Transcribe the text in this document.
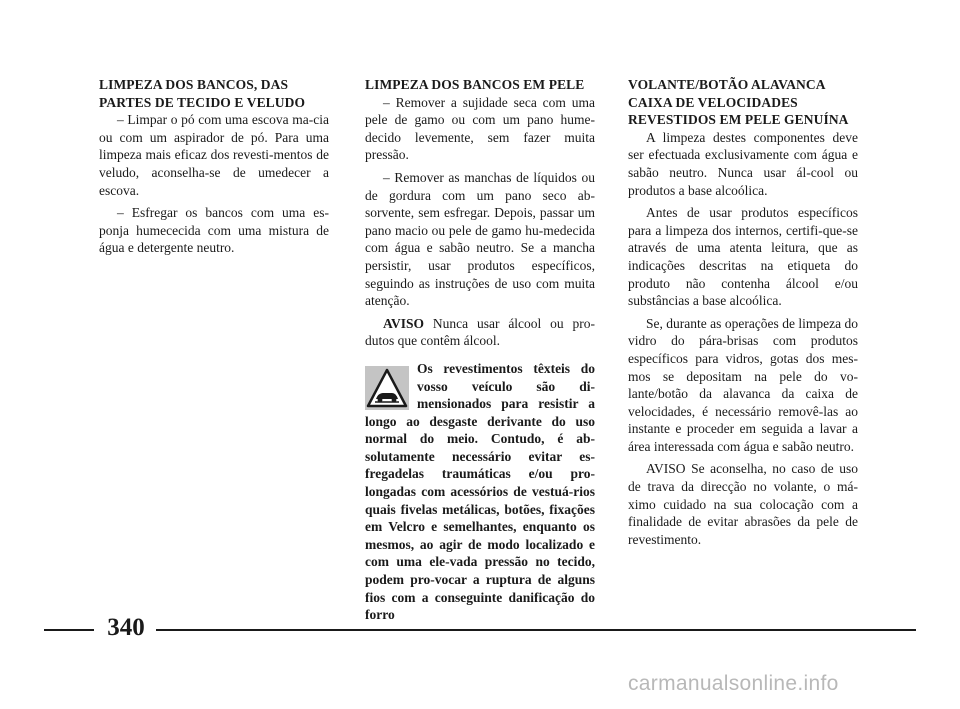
LIMPEZA DOS BANCOS, DAS PARTES DE TECIDO E VELUDO

– Limpar o pó com uma escova ma-cia ou com um aspirador de pó. Para uma limpeza mais eficaz dos revesti-mentos de veludo, aconselha-se de umedecer a escova.

– Esfregar os bancos com uma es-ponja humececida com uma mistura de água e detergente neutro.

LIMPEZA DOS BANCOS EM PELE

– Remover a sujidade seca com uma pele de gamo ou com um pano hume-decido levemente, sem fazer muita pressão.

– Remover as manchas de líquidos ou de gordura com um pano seco ab-sorvente, sem esfregar. Depois, passar um pano macio ou pele de gamo hu-medecida com água e sabão neutro. Se a mancha persistir, usar produtos específicos, seguindo as instruções de uso com muita atenção.

AVISO Nunca usar álcool ou pro-dutos que contêm álcool.

Os revestimentos têxteis do vosso veículo são di-mensionados para resistir a longo ao desgaste derivante do uso normal do meio. Contudo, é ab-solutamente necessário evitar es-fregadelas traumáticas e/ou pro-longadas com acessórios de vestuá-rios quais fivelas metálicas, botões, fixações em Velcro e semelhantes, enquanto os mesmos, ao agir de modo localizado e com uma ele-vada pressão no tecido, podem pro-vocar a ruptura de alguns fios com a conseguinte danificação do forro

VOLANTE/BOTÃO ALAVANCA CAIXA DE VELOCIDADES REVESTIDOS EM PELE GENUÍNA

A limpeza destes componentes deve ser efectuada exclusivamente com água e sabão neutro. Nunca usar ál-cool ou produtos a base alcoólica.

Antes de usar produtos específicos para a limpeza dos internos, certifi-que-se através de uma atenta leitura, que as indicações descritas na etiqueta do produto não contenha álcool e/ou substâncias a base alcoólica.

Se, durante as operações de limpeza do vidro do pára-brisas com produtos específicos para vidros, gotas dos mes-mos se depositam na pele do vo-lante/botão da alavanca da caixa de velocidades, é necessário removê-las ao instante e proceder em seguida a lavar a área interessada com água e sabão neutro.

AVISO Se aconselha, no caso de uso de trava da direcção no volante, o má-ximo cuidado na sua colocação com a finalidade de evitar abrasões da pele de revestimento.

340
carmanualsonline.info
